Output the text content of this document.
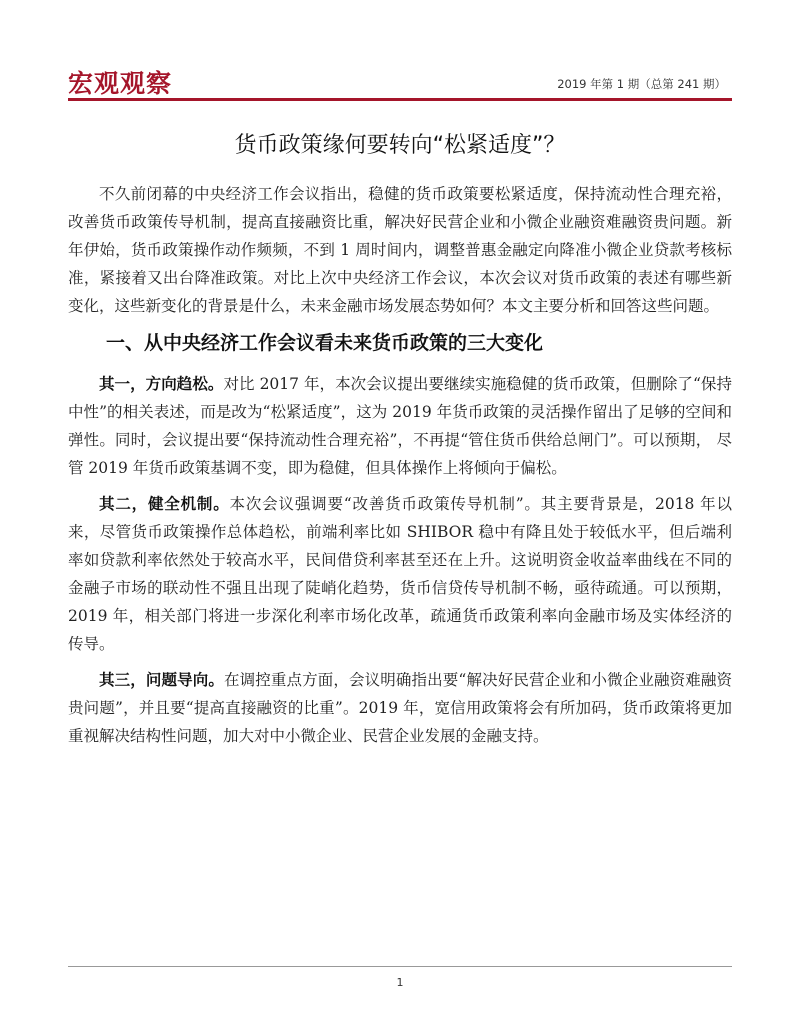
宏观观察	2019 年第 1 期（总第 241 期）
货币政策缘何要转向“松紧适度”？

不久前闭幕的中央经济工作会议指出，稳健的货币政策要松紧适度，保持流动性合理充裕，改善货币政策传导机制，提高直接融资比重，解决好民营企业和小微企业融资难融资贵问题。新年伊始，货币政策操作动作频频，不到 1 周时间内，调整普惠金融定向降准小微企业贷款考核标准，紧接着又出台降准政策。对比上次中央经济工作会议，本次会议对货币政策的表述有哪些新变化，这些新变化的背景是什么，未来金融市场发展态势如何？本文主要分析和回答这些问题。

一、从中央经济工作会议看未来货币政策的三大变化

其一，方向趋松。对比 2017 年，本次会议提出要继续实施稳健的货币政策，但删除了“保持中性”的相关表述，而是改为“松紧适度”，这为 2019 年货币政策的灵活操作留出了足够的空间和弹性。同时，会议提出要“保持流动性合理充裕”，不再提“管住货币供给总闸门”。可以预期， 尽管 2019 年货币政策基调不变，即为稳健，但具体操作上将倾向于偏松。

其二，健全机制。本次会议强调要“改善货币政策传导机制”。其主要背景是，2018 年以来，尽管货币政策操作总体趋松，前端利率比如 SHIBOR 稳中有降且处于较低水平，但后端利率如贷款利率依然处于较高水平，民间借贷利率甚至还在上升。这说明资金收益率曲线在不同的金融子市场的联动性不强且出现了陡峭化趋势，货币信贷传导机制不畅，亟待疏通。可以预期，2019 年，相关部门将进一步深化利率市场化改革，疏通货币政策利率向金融市场及实体经济的传导。

其三，问题导向。在调控重点方面，会议明确指出要“解决好民营企业和小微企业融资难融资贵问题”，并且要“提高直接融资的比重”。2019 年，宽信用政策将会有所加码，货币政策将更加重视解决结构性问题，加大对中小微企业、民营企业发展的金融支持。

1
